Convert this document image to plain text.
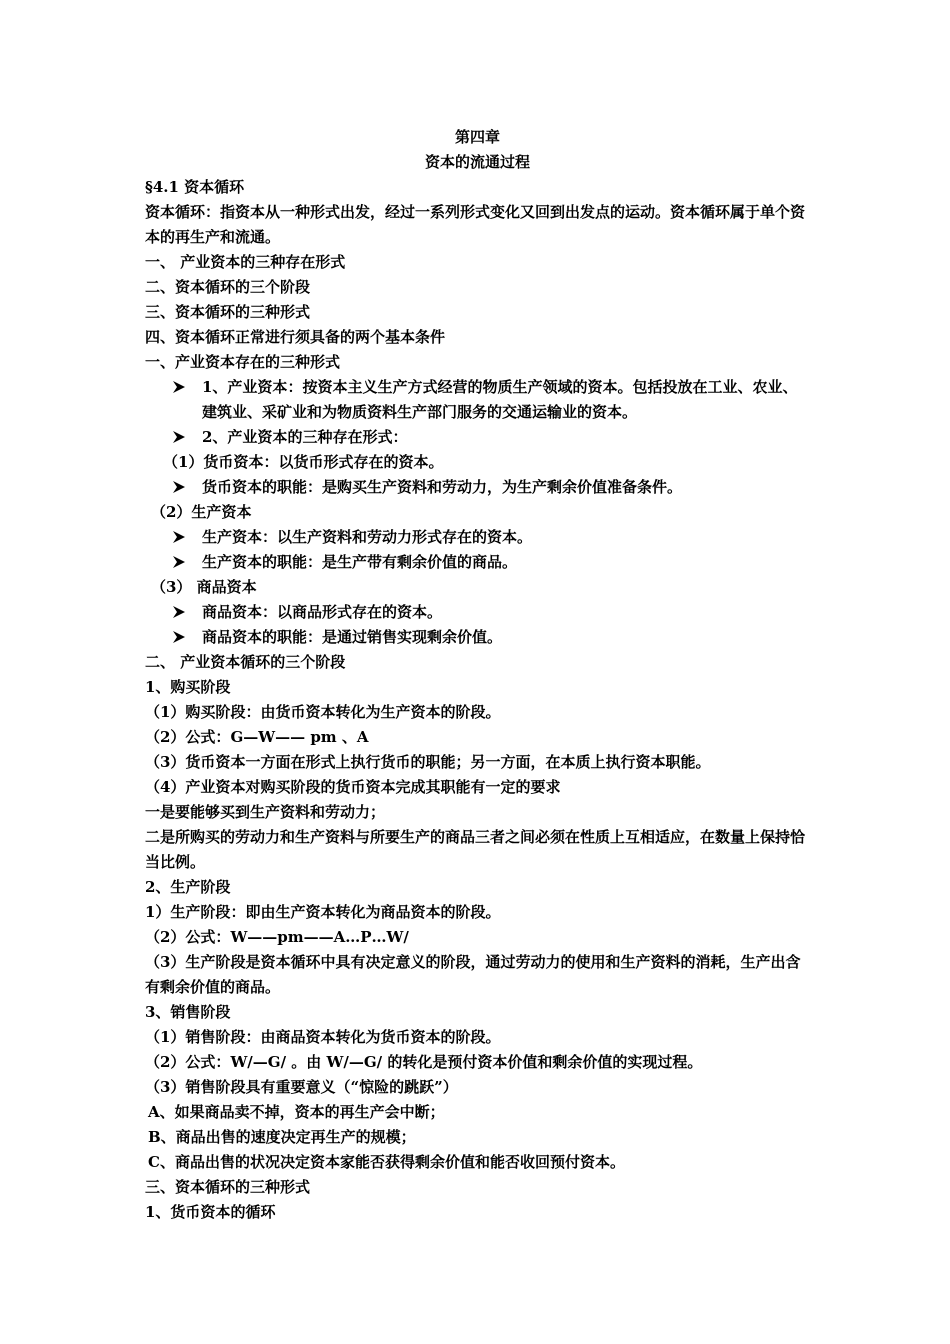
第四章
资本的流通过程
§4.1 资本循环
资本循环：指资本从一种形式出发，经过一系列形式变化又回到出发点的运动。资本循环属于单个资本的再生产和流通。
一、 产业资本的三种存在形式
二、资本循环的三个阶段
三、资本循环的三种形式
四、资本循环正常进行须具备的两个基本条件
一、产业资本存在的三种形式
1、产业资本：按资本主义生产方式经营的物质生产领域的资本。包括投放在工业、农业、建筑业、采矿业和为物质资料生产部门服务的交通运输业的资本。
2、产业资本的三种存在形式：
（1）货币资本：以货币形式存在的资本。
货币资本的职能：是购买生产资料和劳动力，为生产剩余价值准备条件。
（2）生产资本
生产资本：以生产资料和劳动力形式存在的资本。
生产资本的职能：是生产带有剩余价值的商品。
（3） 商品资本
商品资本：以商品形式存在的资本。
商品资本的职能：是通过销售实现剩余价值。
二、 产业资本循环的三个阶段
1、购买阶段
（1）购买阶段：由货币资本转化为生产资本的阶段。
（2）公式：G—W—— pm 、A
（3）货币资本一方面在形式上执行货币的职能；另一方面，在本质上执行资本职能。
（4）产业资本对购买阶段的货币资本完成其职能有一定的要求
一是要能够买到生产资料和劳动力；
二是所购买的劳动力和生产资料与所要生产的商品三者之间必须在性质上互相适应，在数量上保持恰当比例。
2、生产阶段
1）生产阶段：即由生产资本转化为商品资本的阶段。
（2）公式：W——pm——A…P…W/
（3）生产阶段是资本循环中具有决定意义的阶段，通过劳动力的使用和生产资料的消耗，生产出含有剩余价值的商品。
3、销售阶段
（1）销售阶段：由商品资本转化为货币资本的阶段。
（2）公式：W/—G/ 。由 W/—G/ 的转化是预付资本价值和剩余价值的实现过程。
（3）销售阶段具有重要意义（“惊险的跳跃”）
A、如果商品卖不掉，资本的再生产会中断；
B、商品出售的速度决定再生产的规模；
C、商品出售的状况决定资本家能否获得剩余价值和能否收回预付资本。
三、资本循环的三种形式
1、货币资本的循环
